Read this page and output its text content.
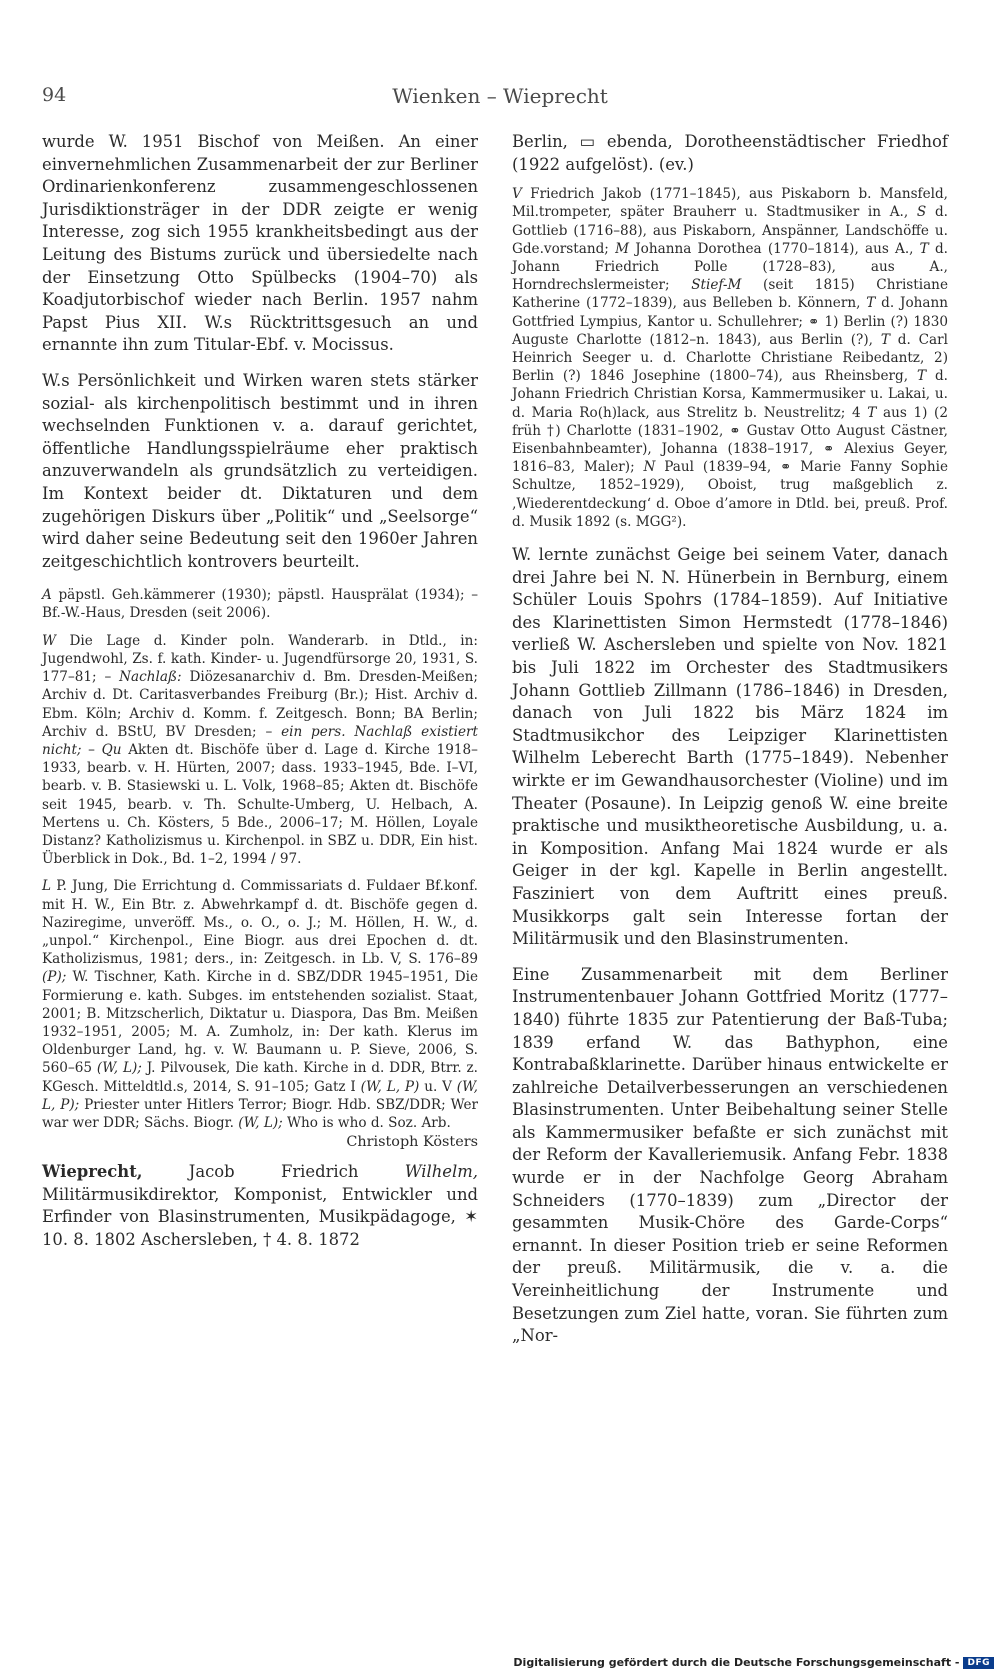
94	Wienken – Wieprecht

wurde W. 1951 Bischof von Meißen. An einer einvernehmlichen Zusammenarbeit der zur Berliner Ordinarienkonferenz zusammengeschlossenen Jurisdiktionsträger in der DDR zeigte er wenig Interesse, zog sich 1955 krankheitsbedingt aus der Leitung des Bistums zurück und übersiedelte nach der Einsetzung Otto Spülbecks (1904–70) als Koadjutorbischof wieder nach Berlin. 1957 nahm Papst Pius XII. W.s Rücktrittsgesuch an und ernannte ihn zum Titular-Ebf. v. Mocissus.

W.s Persönlichkeit und Wirken waren stets stärker sozial- als kirchenpolitisch bestimmt und in ihren wechselnden Funktionen v. a. darauf gerichtet, öffentliche Handlungsspielräume eher praktisch anzuverwandeln als grundsätzlich zu verteidigen. Im Kontext beider dt. Diktaturen und dem zugehörigen Diskurs über „Politik“ und „Seelsorge“ wird daher seine Bedeutung seit den 1960er Jahren zeitgeschichtlich kontrovers beurteilt.

A päpstl. Geh.kämmerer (1930); päpstl. Hausprälat (1934); – Bf.-W.-Haus, Dresden (seit 2006).

W Die Lage d. Kinder poln. Wanderarb. in Dtld., in: Jugendwohl, Zs. f. kath. Kinder- u. Jugendfürsorge 20, 1931, S. 177–81; – Nachlaß: Diözesanarchiv d. Bm. Dresden-Meißen; Archiv d. Dt. Caritasverbandes Freiburg (Br.); Hist. Archiv d. Ebm. Köln; Archiv d. Komm. f. Zeitgesch. Bonn; BA Berlin; Archiv d. BStU, BV Dresden; – ein pers. Nachlaß existiert nicht; – Qu Akten dt. Bischöfe über d. Lage d. Kirche 1918–1933, bearb. v. H. Hürten, 2007; dass. 1933–1945, Bde. I–VI, bearb. v. B. Stasiewski u. L. Volk, 1968–85; Akten dt. Bischöfe seit 1945, bearb. v. Th. Schulte-Umberg, U. Helbach, A. Mertens u. Ch. Kösters, 5 Bde., 2006–17; M. Höllen, Loyale Distanz? Katholizismus u. Kirchenpol. in SBZ u. DDR, Ein hist. Überblick in Dok., Bd. 1–2, 1994 / 97.

L P. Jung, Die Errichtung d. Commissariats d. Fuldaer Bf.konf. mit H. W., Ein Btr. z. Abwehrkampf d. dt. Bischöfe gegen d. Naziregime, unveröff. Ms., o. O., o. J.; M. Höllen, H. W., d. „unpol.“ Kirchenpol., Eine Biogr. aus drei Epochen d. dt. Katholizismus, 1981; ders., in: Zeitgesch. in Lb. V, S. 176–89 (P); W. Tischner, Kath. Kirche in d. SBZ/DDR 1945–1951, Die Formierung e. kath. Subges. im entstehenden sozialist. Staat, 2001; B. Mitzscherlich, Diktatur u. Diaspora, Das Bm. Meißen 1932–1951, 2005; M. A. Zumholz, in: Der kath. Klerus im Oldenburger Land, hg. v. W. Baumann u. P. Sieve, 2006, S. 560–65 (W, L); J. Pilvousek, Die kath. Kirche in d. DDR, Btrr. z. KGesch. Mitteldtld.s, 2014, S. 91–105; Gatz I (W, L, P) u. V (W, L, P); Priester unter Hitlers Terror; Biogr. Hdb. SBZ/DDR; Wer war wer DDR; Sächs. Biogr. (W, L); Who is who d. Soz. Arb.

Christoph Kösters

Wieprecht, Jacob Friedrich Wilhelm, Militärmusikdirektor, Komponist, Entwickler und Erfinder von Blasinstrumenten, Musikpädagoge, ✶ 10. 8. 1802 Aschersleben, † 4. 8. 1872

Berlin, ▭ ebenda, Dorotheenstädtischer Friedhof (1922 aufgelöst). (ev.)

V Friedrich Jakob (1771–1845), aus Piskaborn b. Mansfeld, Mil.trompeter, später Brauherr u. Stadtmusiker in A., S d. Gottlieb (1716–88), aus Piskaborn, Anspänner, Landschöffe u. Gde.vorstand; M Johanna Dorothea (1770–1814), aus A., T d. Johann Friedrich Polle (1728–83), aus A., Horndrechslermeister; Stief-M (seit 1815) Christiane Katherine (1772–1839), aus Belleben b. Könnern, T d. Johann Gottfried Lympius, Kantor u. Schullehrer; ⚭ 1) Berlin (?) 1830 Auguste Charlotte (1812–n. 1843), aus Berlin (?), T d. Carl Heinrich Seeger u. d. Charlotte Christiane Reibedantz, 2) Berlin (?) 1846 Josephine (1800–74), aus Rheinsberg, T d. Johann Friedrich Christian Korsa, Kammermusiker u. Lakai, u. d. Maria Ro(h)lack, aus Strelitz b. Neustrelitz; 4 T aus 1) (2 früh †) Charlotte (1831–1902, ⚭ Gustav Otto August Cästner, Eisenbahnbeamter), Johanna (1838–1917, ⚭ Alexius Geyer, 1816–83, Maler); N Paul (1839–94, ⚭ Marie Fanny Sophie Schultze, 1852–1929), Oboist, trug maßgeblich z. ‚Wiederentdeckung‘ d. Oboe d’amore in Dtld. bei, preuß. Prof. d. Musik 1892 (s. MGG²).

W. lernte zunächst Geige bei seinem Vater, danach drei Jahre bei N. N. Hünerbein in Bernburg, einem Schüler Louis Spohrs (1784–1859). Auf Initiative des Klarinettisten Simon Hermstedt (1778–1846) verließ W. Aschersleben und spielte von Nov. 1821 bis Juli 1822 im Orchester des Stadtmusikers Johann Gottlieb Zillmann (1786–1846) in Dresden, danach von Juli 1822 bis März 1824 im Stadtmusikchor des Leipziger Klarinettisten Wilhelm Leberecht Barth (1775–1849). Nebenher wirkte er im Gewandhausorchester (Violine) und im Theater (Posaune). In Leipzig genoß W. eine breite praktische und musiktheoretische Ausbildung, u. a. in Komposition. Anfang Mai 1824 wurde er als Geiger in der kgl. Kapelle in Berlin angestellt. Fasziniert von dem Auftritt eines preuß. Musikkorps galt sein Interesse fortan der Militärmusik und den Blasinstrumenten.

Eine Zusammenarbeit mit dem Berliner Instrumentenbauer Johann Gottfried Moritz (1777–1840) führte 1835 zur Patentierung der Baß-Tuba; 1839 erfand W. das Bathyphon, eine Kontrabaßklarinette. Darüber hinaus entwickelte er zahlreiche Detailverbesserungen an verschiedenen Blasinstrumenten. Unter Beibehaltung seiner Stelle als Kammermusiker befaßte er sich zunächst mit der Reform der Kavalleriemusik. Anfang Febr. 1838 wurde er in der Nachfolge Georg Abraham Schneiders (1770–1839) zum „Director der gesammten Musik-Chöre des Garde-Corps“ ernannt. In dieser Position trieb er seine Reformen der preuß. Militärmusik, die v. a. die Vereinheitlichung der Instrumente und Besetzungen zum Ziel hatte, voran. Sie führten zum „Nor-

Digitalisierung gefördert durch die Deutsche Forschungsgemeinschaft - DFG
